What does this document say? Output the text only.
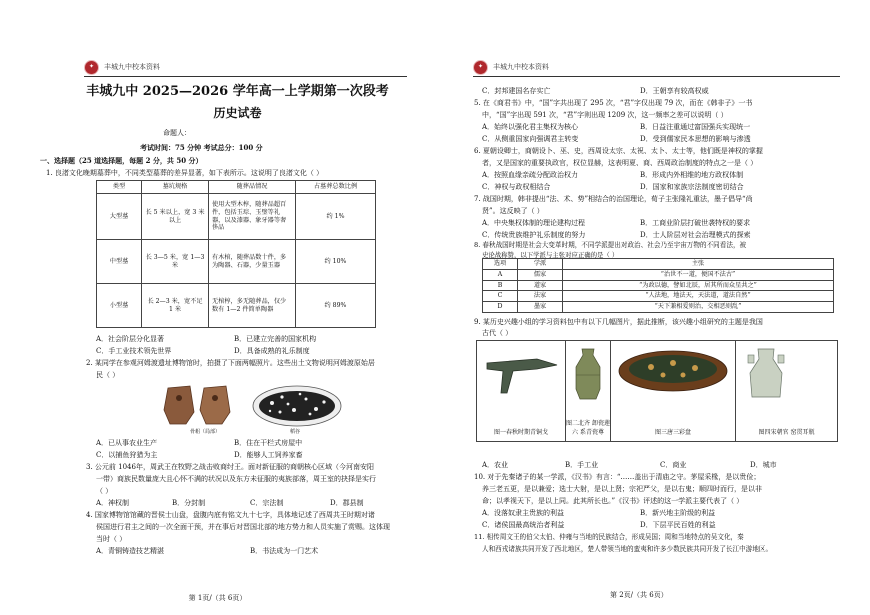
✦	丰城九中校本资料
丰城九中 2025—2026 学年高一上学期第一次段考
历史试卷
命题人：
考试时间：75 分钟 考试总分：100 分
一、选择题（25 道选择题，每题 2 分，共 50 分）
1. 良渚文化晚期墓葬中，不同类型墓葬的差异显著，如下表所示。这说明了良渚文化（ ）
类型	墓坑规格	随葬品情况	占墓葬总数比例
大型墓	长 5 米以上，宽 3 米以上	使用大型木椁，随葬品超百件，包括玉琮、玉璧等礼器，以及漆器、象牙器等奢侈品	约 1%
中型墓	长 3—5 米，宽 1—3 米	有木棺，随葬品数十件，多为陶器、石器，少量玉器	约 10%
小型墓	长 2—3 米，宽不足 1 米	无棺椁，多无随葬品，仅少数有 1—2 件简单陶器	约 89%
A．社会阶层分化显著	B．已建立完善的国家机构
C．手工业技术领先世界	D．具备成熟的礼乐制度
2. 某同学在参观河姆渡遗址博物馆时，拍摄了下面两幅照片。这些出土文物说明河姆渡原始居
民（ ）
骨耜（局部）	稻谷
A．已从事农业生产	B．住在干栏式房屋中
C．以捕鱼狩猎为主	D．能够人工饲养家畜
3. 公元前 1046年，周武王在牧野之战击败商纣王。面对新征服的商朝核心区域（今河南安阳
一带）商族民数量庞大且心怀不满的状况以及东方未征服的夷族部落，周王室的抉择是实行
（ ）
A．神权制	B．分封制	C．宗法制	D．郡县制
4. 国家博物馆馆藏的晋侯士山盘，盘腹内底有铭文九十七字，具体地记述了西周共王时期对诸
侯国进行君主之间的一次全面干预，并在事后对晋国北部的地方势力和人员实施了赏赐。这体现
当时（ ）
A．青铜铸造技艺精湛	B．书法成为一门艺术
第 1页/（共 6页）
✦	丰城九中校本资料
C．封邦建国名存实亡	D．王朝享有较高权威
5. 在《商君书》中，“国”字共出现了 295 次，“君”字仅出现 79 次，而在《韩非子》一书
中，“国”字出现 591 次，“君”字则出现 1209 次，这一频率之差可以说明（ ）
A．始终以强化君主集权为核心	B．日益注重通过富国强兵实现统一
C．从侧重国家向强调君主转变	D．受到儒家民本思想的影响与渗透
6. 夏朝设卿士，商朝设卜、巫、史，西周设太宗、太祝、太卜、太士等，他们既是神权的掌握
者，又是国家的重要执政官，权位显赫，这表明夏、商、西周政治制度的特点之一是（ ）
A．按照血缘亲疏分配政治权力	B．形成内外相维的地方政权体制
C．神权与政权相结合	D．国家和家族宗法制度密切结合
7. 战国时期，韩非提出“法、术、势”相结合的治国理论，荀子主张隆礼重法，墨子倡导“尚
贤”。这反映了（ ）
A．中央集权体制的理论建构过程	B．工商业阶层打破世袭特权的要求
C．传统贵族维护礼乐制度的努力	D．士人阶层对社会治理模式的探索
8. 春秋战国时期是社会大变革时期，不同学派提出对政治、社会乃至宇宙万物的不同看法，被
史论战称赞，以下学派与主张对应正确的是（ ）
选项	学派	主张
A	儒家	“治世不一道，便国不法古”
B	道家	“为政以德，譬如北辰，居其所而众星共之”
C	法家	“人法地，地法天，天法道，道法自然”
D	墨家	“天下兼相爱则治，交相恶则乱”
9. 某历史兴趣小组的学习资料包中有以下几幅图片，据此推断，该兴趣小组研究的主题是我国
古代（ ）
图一春秋时期青铜戈
图二北齐 卸瓷莲六 系青瓷尊	图三唐三彩盘	图四宋朝官 窑贯耳瓶
A．农业	B．手工业	C．商业	D．城市
10. 对于先秦诸子的某一学派，《汉书》有言：“……盖出于清庙之守。茅屋采椽，是以贵俭；
养三老五更，是以兼爱；选士大射，是以上贤；宗祀严父，是以右鬼；顺四时而行，是以非
命；以孝视天下，是以上同。此其所长也。”《汉书》评述的这一学派主要代表了（ ）
A．没落奴隶主贵族的利益	B．新兴地主阶级的利益
C．诸侯国最高统治者利益	D．下层平民百姓的利益
11. 相传周文王的伯父太伯、仲雍与当地的民族结合，形成吴国；周和当地特点的吴文化，秦
人和西戎诸族共同开发了西北地区，楚人带领当地的蛮夷和许多少数民族共同开发了长江中游地区。
第 2页/（共 6页）
